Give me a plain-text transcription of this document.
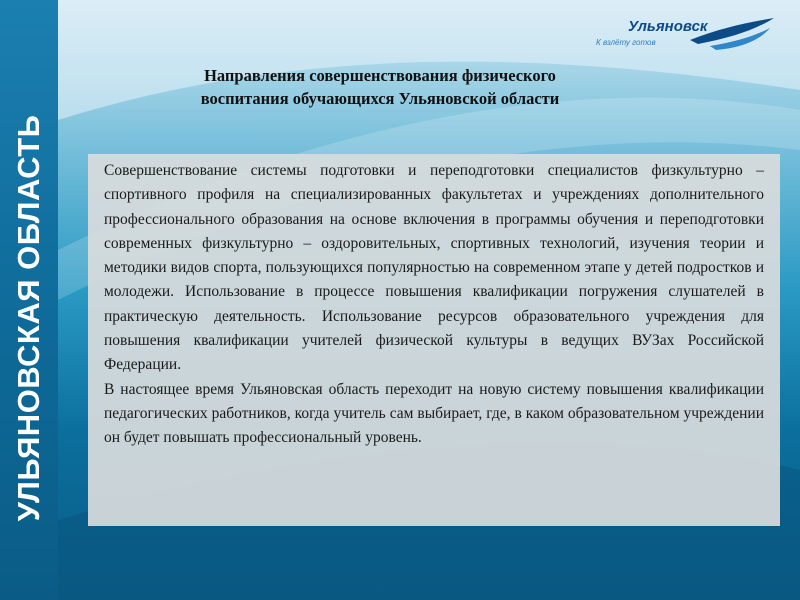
УЛЬЯНОВСКАЯ ОБЛАСТЬ
Ульяновск
К взлёту готов
Направления совершенствования физического
воспитания обучающихся Ульяновской области

Совершенствование системы подготовки и переподготовки специалистов физкультурно – спортивного профиля на специализированных факультетах и учреждениях дополнительного профессионального образования на основе включения в программы обучения и переподготовки современных физкультурно – оздоровительных, спортивных технологий, изучения теории и методики видов спорта, пользующихся популярностью на современном этапе у детей подростков и молодежи. Использование в процессе повышения квалификации погружения слушателей в практическую деятельность. Использование ресурсов образовательного учреждения для повышения квалификации учителей физической культуры в ведущих ВУЗах Российской Федерации.

В настоящее время Ульяновская область переходит на новую систему повышения квалификации педагогических работников, когда учитель сам выбирает, где, в каком образовательном учреждении он будет повышать профессиональный уровень.
